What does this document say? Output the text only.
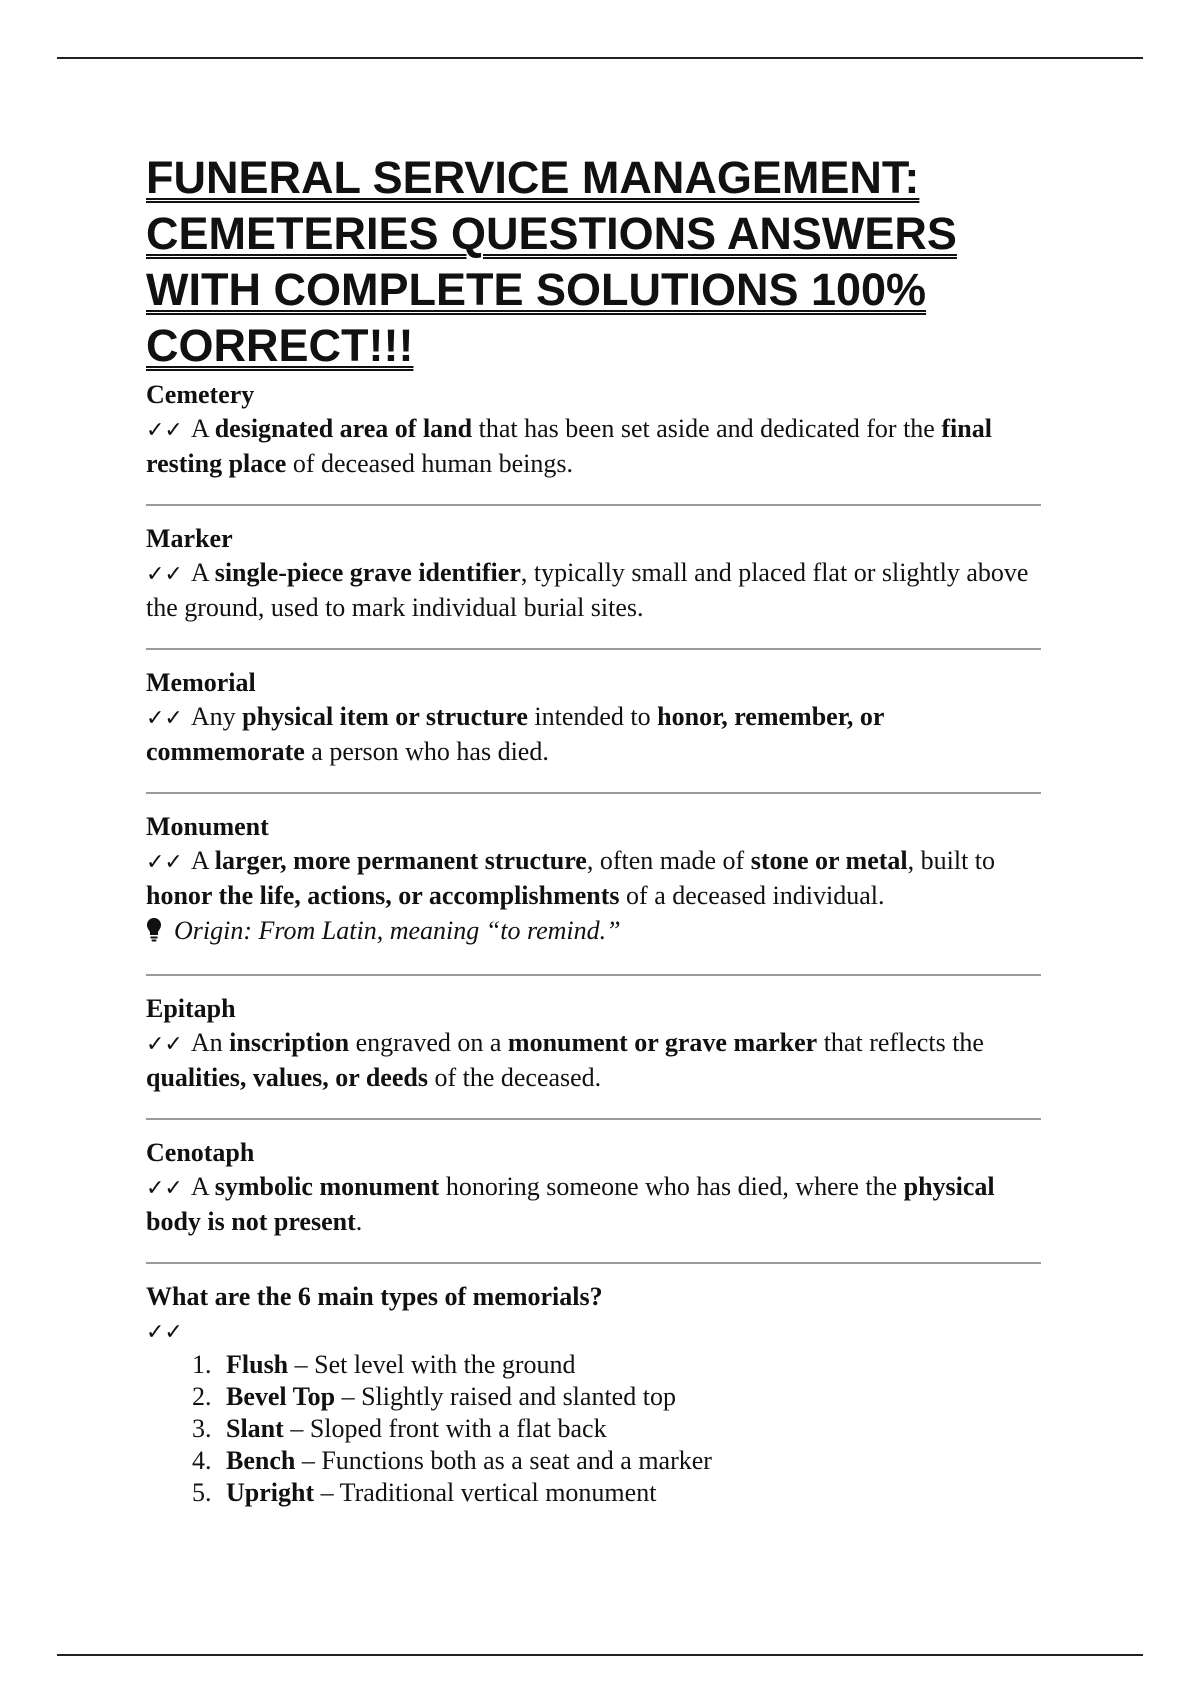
FUNERAL SERVICE MANAGEMENT: CEMETERIES QUESTIONS ANSWERS WITH COMPLETE SOLUTIONS 100% CORRECT!!!
Cemetery
✓✓ A designated area of land that has been set aside and dedicated for the final resting place of deceased human beings.
Marker
✓✓ A single-piece grave identifier, typically small and placed flat or slightly above the ground, used to mark individual burial sites.
Memorial
✓✓ Any physical item or structure intended to honor, remember, or commemorate a person who has died.
Monument
✓✓ A larger, more permanent structure, often made of stone or metal, built to honor the life, actions, or accomplishments of a deceased individual.
Origin: From Latin, meaning “to remind.”
Epitaph
✓✓ An inscription engraved on a monument or grave marker that reflects the qualities, values, or deeds of the deceased.
Cenotaph
✓✓ A symbolic monument honoring someone who has died, where the physical body is not present.
What are the 6 main types of memorials?
✓✓
1. Flush – Set level with the ground
2. Bevel Top – Slightly raised and slanted top
3. Slant – Sloped front with a flat back
4. Bench – Functions both as a seat and a marker
5. Upright – Traditional vertical monument
